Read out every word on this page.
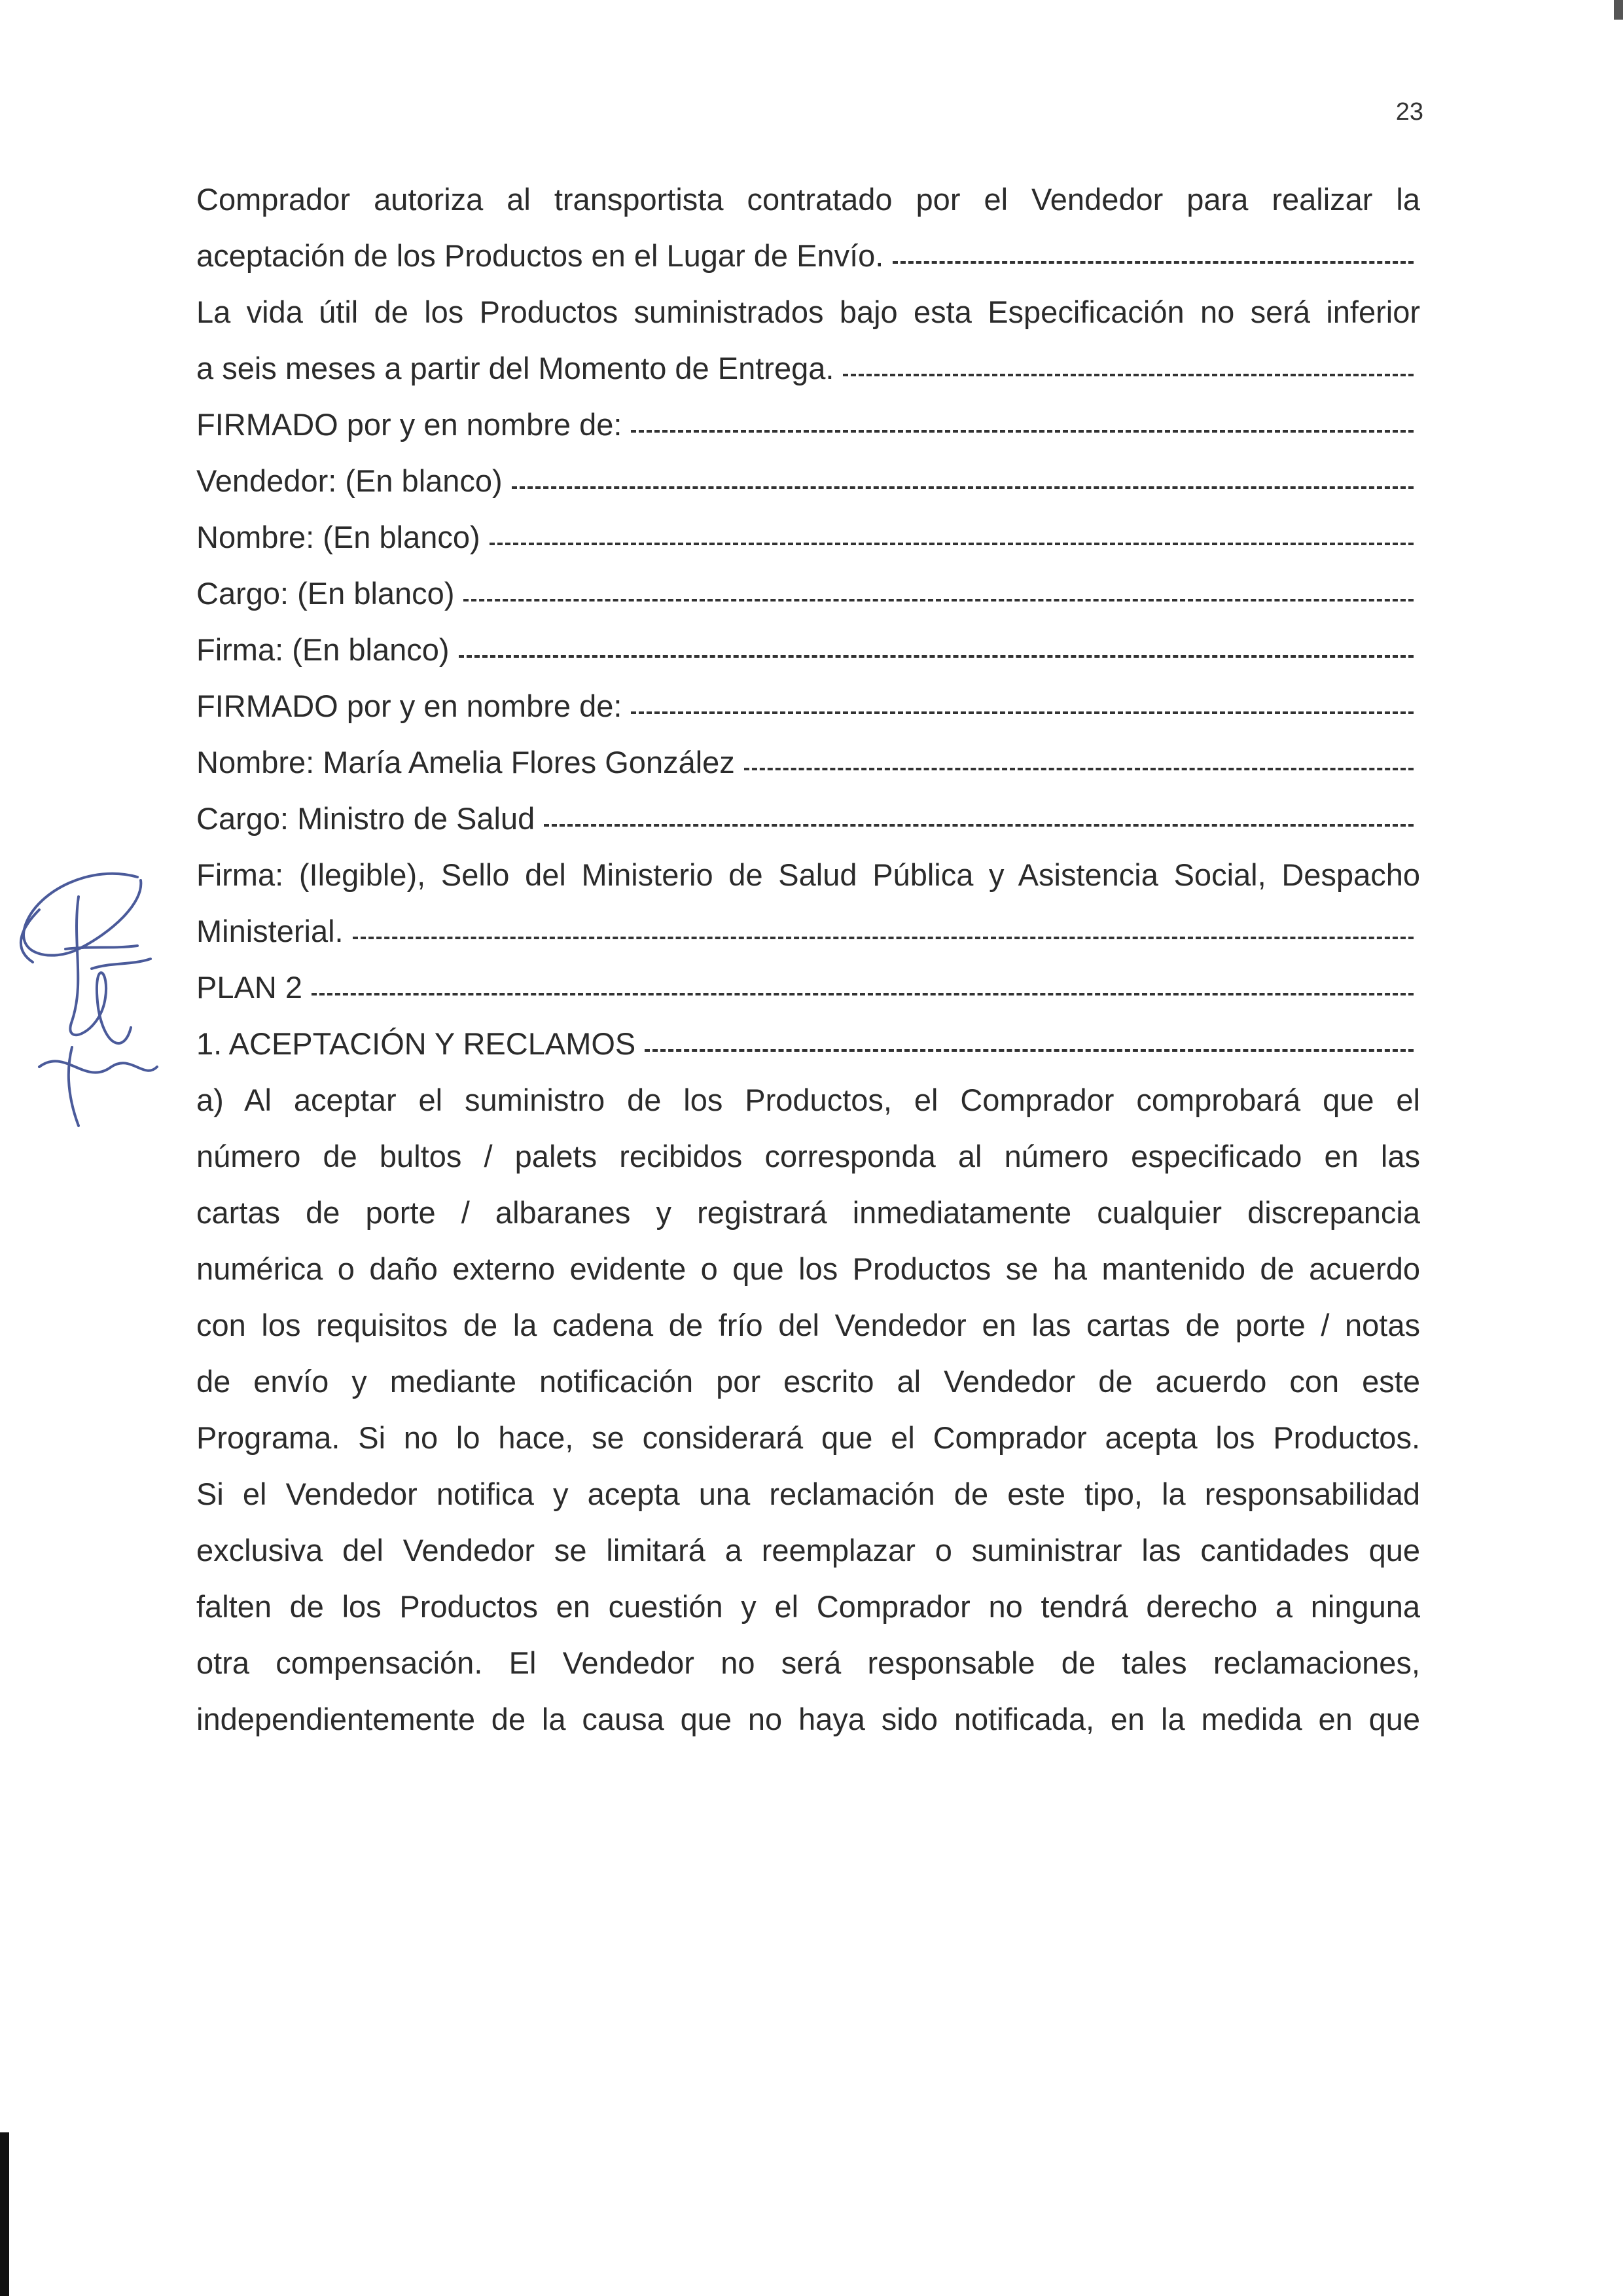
23
Comprador autoriza al transportista contratado por el Vendedor para realizar la
aceptación de los Productos en el Lugar de Envío.
La vida útil de los Productos suministrados bajo esta Especificación no será inferior
a seis meses a partir del Momento de Entrega.
FIRMADO por y en nombre de:
Vendedor: (En blanco)
Nombre: (En blanco)
Cargo: (En blanco)
Firma: (En blanco)
FIRMADO por y en nombre de:
Nombre: María Amelia Flores González
Cargo: Ministro de Salud
Firma: (Ilegible), Sello del Ministerio de Salud Pública y Asistencia Social, Despacho
Ministerial.
PLAN 2
1. ACEPTACIÓN Y RECLAMOS
a) Al aceptar el suministro de los Productos, el Comprador comprobará que el
número de bultos / palets recibidos corresponda al número especificado en las
cartas de porte / albaranes y registrará inmediatamente cualquier discrepancia
numérica o daño externo evidente o que los Productos se ha mantenido de acuerdo
con los requisitos de la cadena de frío del Vendedor en las cartas de porte / notas
de envío y mediante notificación por escrito al Vendedor de acuerdo con este
Programa. Si no lo hace, se considerará que el Comprador acepta los Productos.
Si el Vendedor notifica y acepta una reclamación de este tipo, la responsabilidad
exclusiva del Vendedor se limitará a reemplazar o suministrar las cantidades que
falten de los Productos en cuestión y el Comprador no tendrá derecho a ninguna
otra compensación. El Vendedor no será responsable de tales reclamaciones,
independientemente de la causa que no haya sido notificada, en la medida en que
